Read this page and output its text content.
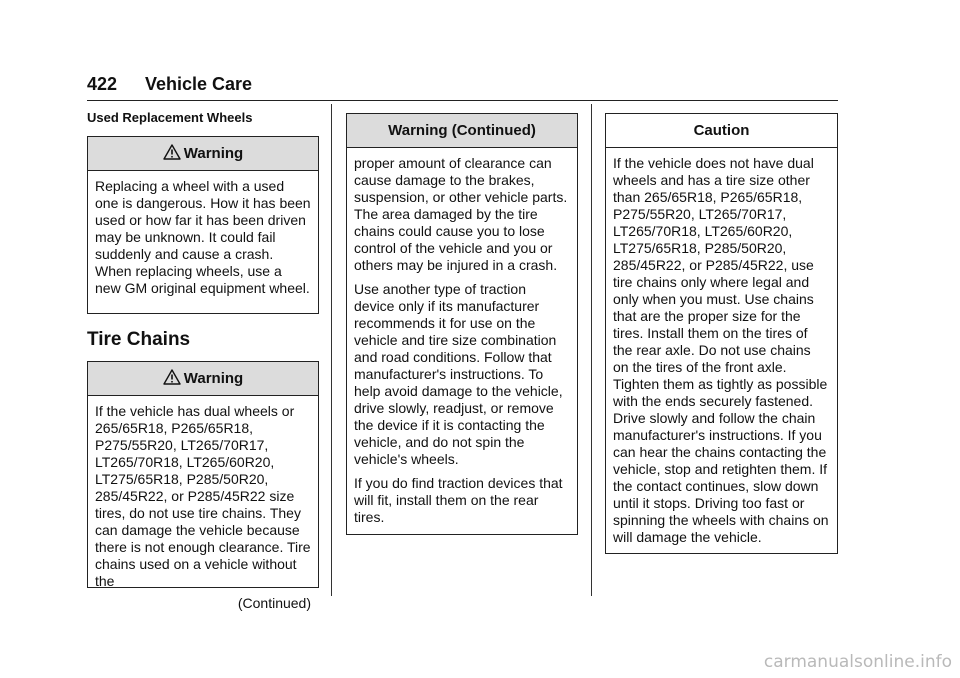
422 Vehicle Care
Used Replacement Wheels
Warning

Replacing a wheel with a used one is dangerous. How it has been used or how far it has been driven may be unknown. It could fail suddenly and cause a crash. When replacing wheels, use a new GM original equipment wheel.

Tire Chains
Warning

If the vehicle has dual wheels or 265/65R18, P265/65R18, P275/55R20, LT265/70R17, LT265/70R18, LT265/60R20, LT275/65R18, P285/50R20, 285/45R22, or P285/45R22 size tires, do not use tire chains. They can damage the vehicle because there is not enough clearance. Tire chains used on a vehicle without the

(Continued)
Warning (Continued)

proper amount of clearance can cause damage to the brakes, suspension, or other vehicle parts. The area damaged by the tire chains could cause you to lose control of the vehicle and you or others may be injured in a crash.

Use another type of traction device only if its manufacturer recommends it for use on the vehicle and tire size combination and road conditions. Follow that manufacturer's instructions. To help avoid damage to the vehicle, drive slowly, readjust, or remove the device if it is contacting the vehicle, and do not spin the vehicle's wheels.

If you do find traction devices that will fit, install them on the rear tires.

Caution

If the vehicle does not have dual wheels and has a tire size other than 265/65R18, P265/65R18, P275/55R20, LT265/70R17, LT265/70R18, LT265/60R20, LT275/65R18, P285/50R20, 285/45R22, or P285/45R22, use tire chains only where legal and only when you must. Use chains that are the proper size for the tires. Install them on the tires of the rear axle. Do not use chains on the tires of the front axle. Tighten them as tightly as possible with the ends securely fastened. Drive slowly and follow the chain manufacturer's instructions. If you can hear the chains contacting the vehicle, stop and retighten them. If the contact continues, slow down until it stops. Driving too fast or spinning the wheels with chains on will damage the vehicle.

carmanualsonline.info
